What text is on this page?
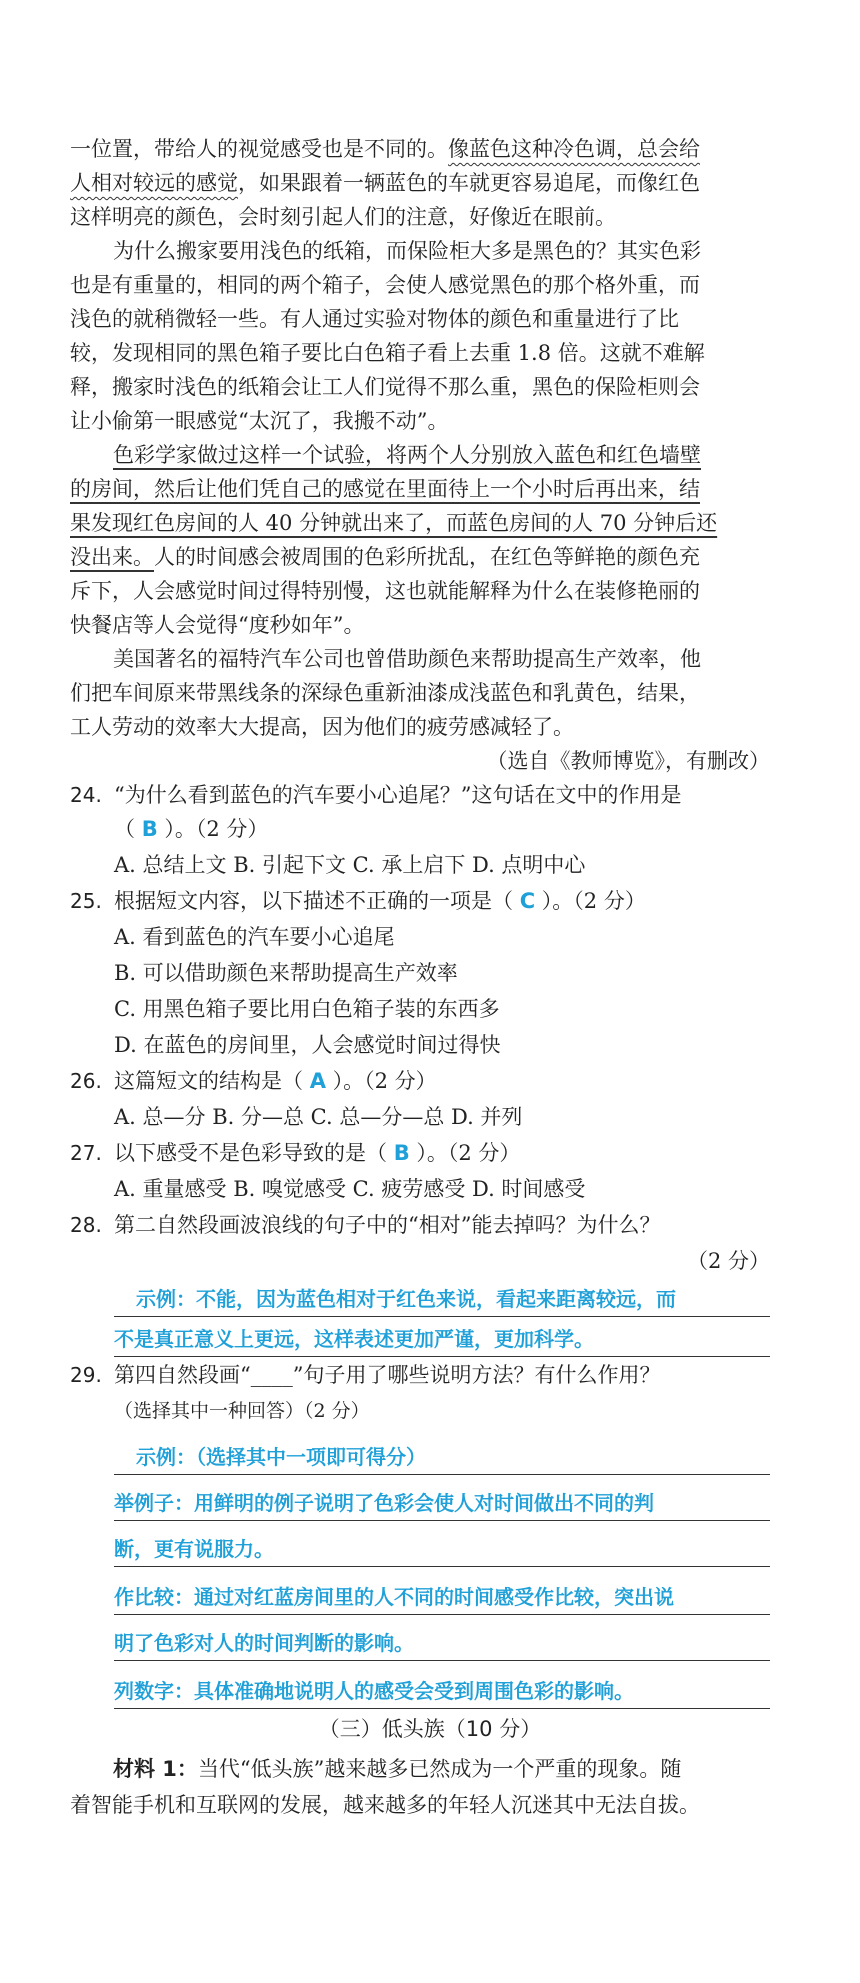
一位置，带给人的视觉感受也是不同的。像蓝色这种冷色调，总会给
人相对较远的感觉，如果跟着一辆蓝色的车就更容易追尾，而像红色
这样明亮的颜色，会时刻引起人们的注意，好像近在眼前。
为什么搬家要用浅色的纸箱，而保险柜大多是黑色的？其实色彩
也是有重量的，相同的两个箱子，会使人感觉黑色的那个格外重，而
浅色的就稍微轻一些。有人通过实验对物体的颜色和重量进行了比
较，发现相同的黑色箱子要比白色箱子看上去重 1.8 倍。这就不难解
释，搬家时浅色的纸箱会让工人们觉得不那么重，黑色的保险柜则会
让小偷第一眼感觉“太沉了，我搬不动”。
色彩学家做过这样一个试验，将两个人分别放入蓝色和红色墙壁
的房间，然后让他们凭自己的感觉在里面待上一个小时后再出来，结
果发现红色房间的人 40 分钟就出来了，而蓝色房间的人 70 分钟后还
没出来。人的时间感会被周围的色彩所扰乱，在红色等鲜艳的颜色充
斥下，人会感觉时间过得特别慢，这也就能解释为什么在装修艳丽的
快餐店等人会觉得“度秒如年”。
美国著名的福特汽车公司也曾借助颜色来帮助提高生产效率，他
们把车间原来带黑线条的深绿色重新油漆成浅蓝色和乳黄色，结果，
工人劳动的效率大大提高，因为他们的疲劳感减轻了。
（选自《教师博览》，有删改）
24. “为什么看到蓝色的汽车要小心追尾？”这句话在文中的作用是
（ B ）。（2 分）
A. 总结上文 B. 引起下文 C. 承上启下 D. 点明中心
25. 根据短文内容，以下描述不正确的一项是（ C ）。（2 分）
A. 看到蓝色的汽车要小心追尾
B. 可以借助颜色来帮助提高生产效率
C. 用黑色箱子要比用白色箱子装的东西多
D. 在蓝色的房间里，人会感觉时间过得快
26. 这篇短文的结构是（ A ）。（2 分）
A. 总—分 B. 分—总 C. 总—分—总 D. 并列
27. 以下感受不是色彩导致的是（ B ）。（2 分）
A. 重量感受 B. 嗅觉感受 C. 疲劳感受 D. 时间感受
28. 第二自然段画波浪线的句子中的“相对”能去掉吗？为什么？
（2 分）
示例：不能，因为蓝色相对于红色来说，看起来距离较远，而
不是真正意义上更远，这样表述更加严谨，更加科学。
29. 第四自然段画“____”句子用了哪些说明方法？有什么作用？
（选择其中一种回答）（2 分）
示例：（选择其中一项即可得分）
举例子：用鲜明的例子说明了色彩会使人对时间做出不同的判
断，更有说服力。
作比较：通过对红蓝房间里的人不同的时间感受作比较，突出说
明了色彩对人的时间判断的影响。
列数字：具体准确地说明人的感受会受到周围色彩的影响。
（三）低头族（10 分）
材料 1：当代“低头族”越来越多已然成为一个严重的现象。随
着智能手机和互联网的发展，越来越多的年轻人沉迷其中无法自拔。
